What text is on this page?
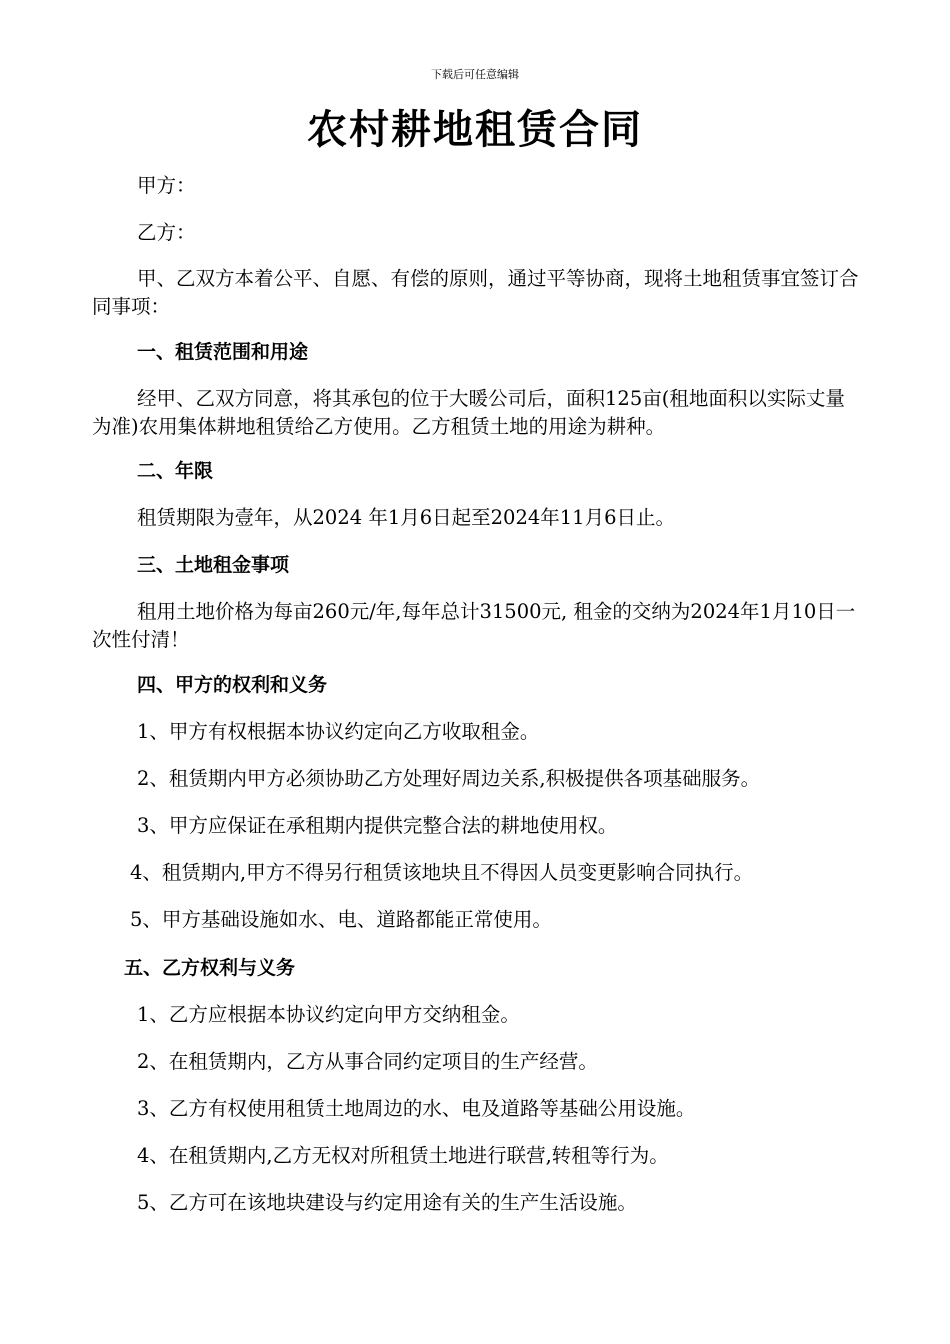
下载后可任意编辑
农村耕地租赁合同

甲方：

乙方：

甲、乙双方本着公平、自愿、有偿的原则，通过平等协商，现将土地租赁事宜签订合同事项：

一、租赁范围和用途

经甲、乙双方同意，将其承包的位于大暖公司后，面积125亩(租地面积以实际丈量为准)农用集体耕地租赁给乙方使用。乙方租赁土地的用途为耕种。

二、年限

租赁期限为壹年，从2024 年1月6日起至2024年11月6日止。

三、土地租金事项

租用土地价格为每亩260元/年,每年总计31500元, 租金的交纳为2024年1月10日一次性付清！

四、甲方的权利和义务

1、甲方有权根据本协议约定向乙方收取租金。

2、租赁期内甲方必须协助乙方处理好周边关系,积极提供各项基础服务。

3、甲方应保证在承租期内提供完整合法的耕地使用权。

4、租赁期内,甲方不得另行租赁该地块且不得因人员变更影响合同执行。

5、甲方基础设施如水、电、道路都能正常使用。

五、乙方权利与义务

1、乙方应根据本协议约定向甲方交纳租金。

2、在租赁期内，乙方从事合同约定项目的生产经营。

3、乙方有权使用租赁土地周边的水、电及道路等基础公用设施。

4、在租赁期内,乙方无权对所租赁土地进行联营,转租等行为。

5、乙方可在该地块建设与约定用途有关的生产生活设施。
